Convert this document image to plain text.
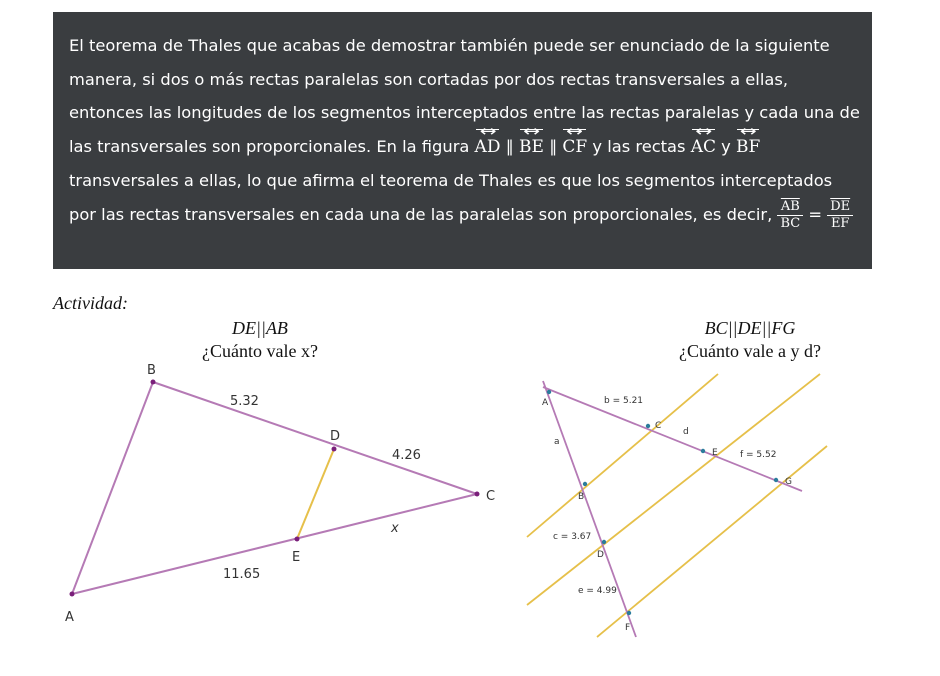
El teorema de Thales que acabas de demostrar también puede ser enunciado de la siguiente manera, si dos o más rectas paralelas son cortadas por dos rectas transversales a ellas, entonces las longitudes de los segmentos interceptados entre las rectas paralelas y cada una de las transversales son proporcionales. En la figura AD ↔ ∥ BE ↔ ∥ CF ↔ y las rectas AC ↔ y BF ↔ transversales a ellas, lo que afirma el teorema de Thales es que los segmentos interceptados por las rectas transversales en cada una de las paralelas son proporcionales, es decir, $\frac{\overline{AB}}{BC} = \frac{\overline{DE}}{EF}$

Actividad:
DE||AB
¿Cuánto vale x?
BC||DE||FG
¿Cuánto vale a y d?
A
B
C
D
E
5.32
4.26
11.65
x
A
B
C
D
E
F
G
a
b = 5.21
c = 3.67
d
e = 4.99
f = 5.52
